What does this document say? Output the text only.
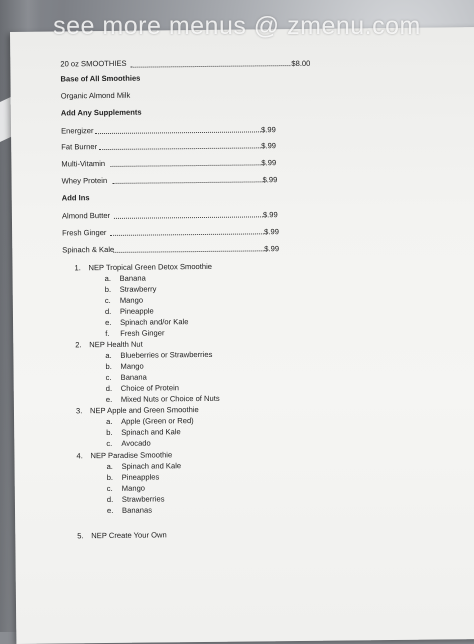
20 oz SMOOTHIES	$8.00
Base of All Smoothies
Organic Almond Milk
Add Any Supplements
Energizer	$.99
Fat Burner	$.99
Multi-Vitamin	$.99
Whey Protein	$.99
Add Ins
Almond Butter	$.99
Fresh Ginger	$.99
Spinach & Kale	$.99
1. NEP Tropical Green Detox Smoothie
a. Banana
b. Strawberry
c. Mango
d. Pineapple
e. Spinach and/or Kale
f. Fresh Ginger
2. NEP Health Nut
a. Blueberries or Strawberries
b. Mango
c. Banana
d. Choice of Protein
e. Mixed Nuts or Choice of Nuts
3. NEP Apple and Green Smoothie
a. Apple (Green or Red)
b. Spinach and Kale
c. Avocado
4. NEP Paradise Smoothie
a. Spinach and Kale
b. Pineapples
c. Mango
d. Strawberries
e. Bananas
5. NEP Create Your Own
see more menus @ zmenu.com
